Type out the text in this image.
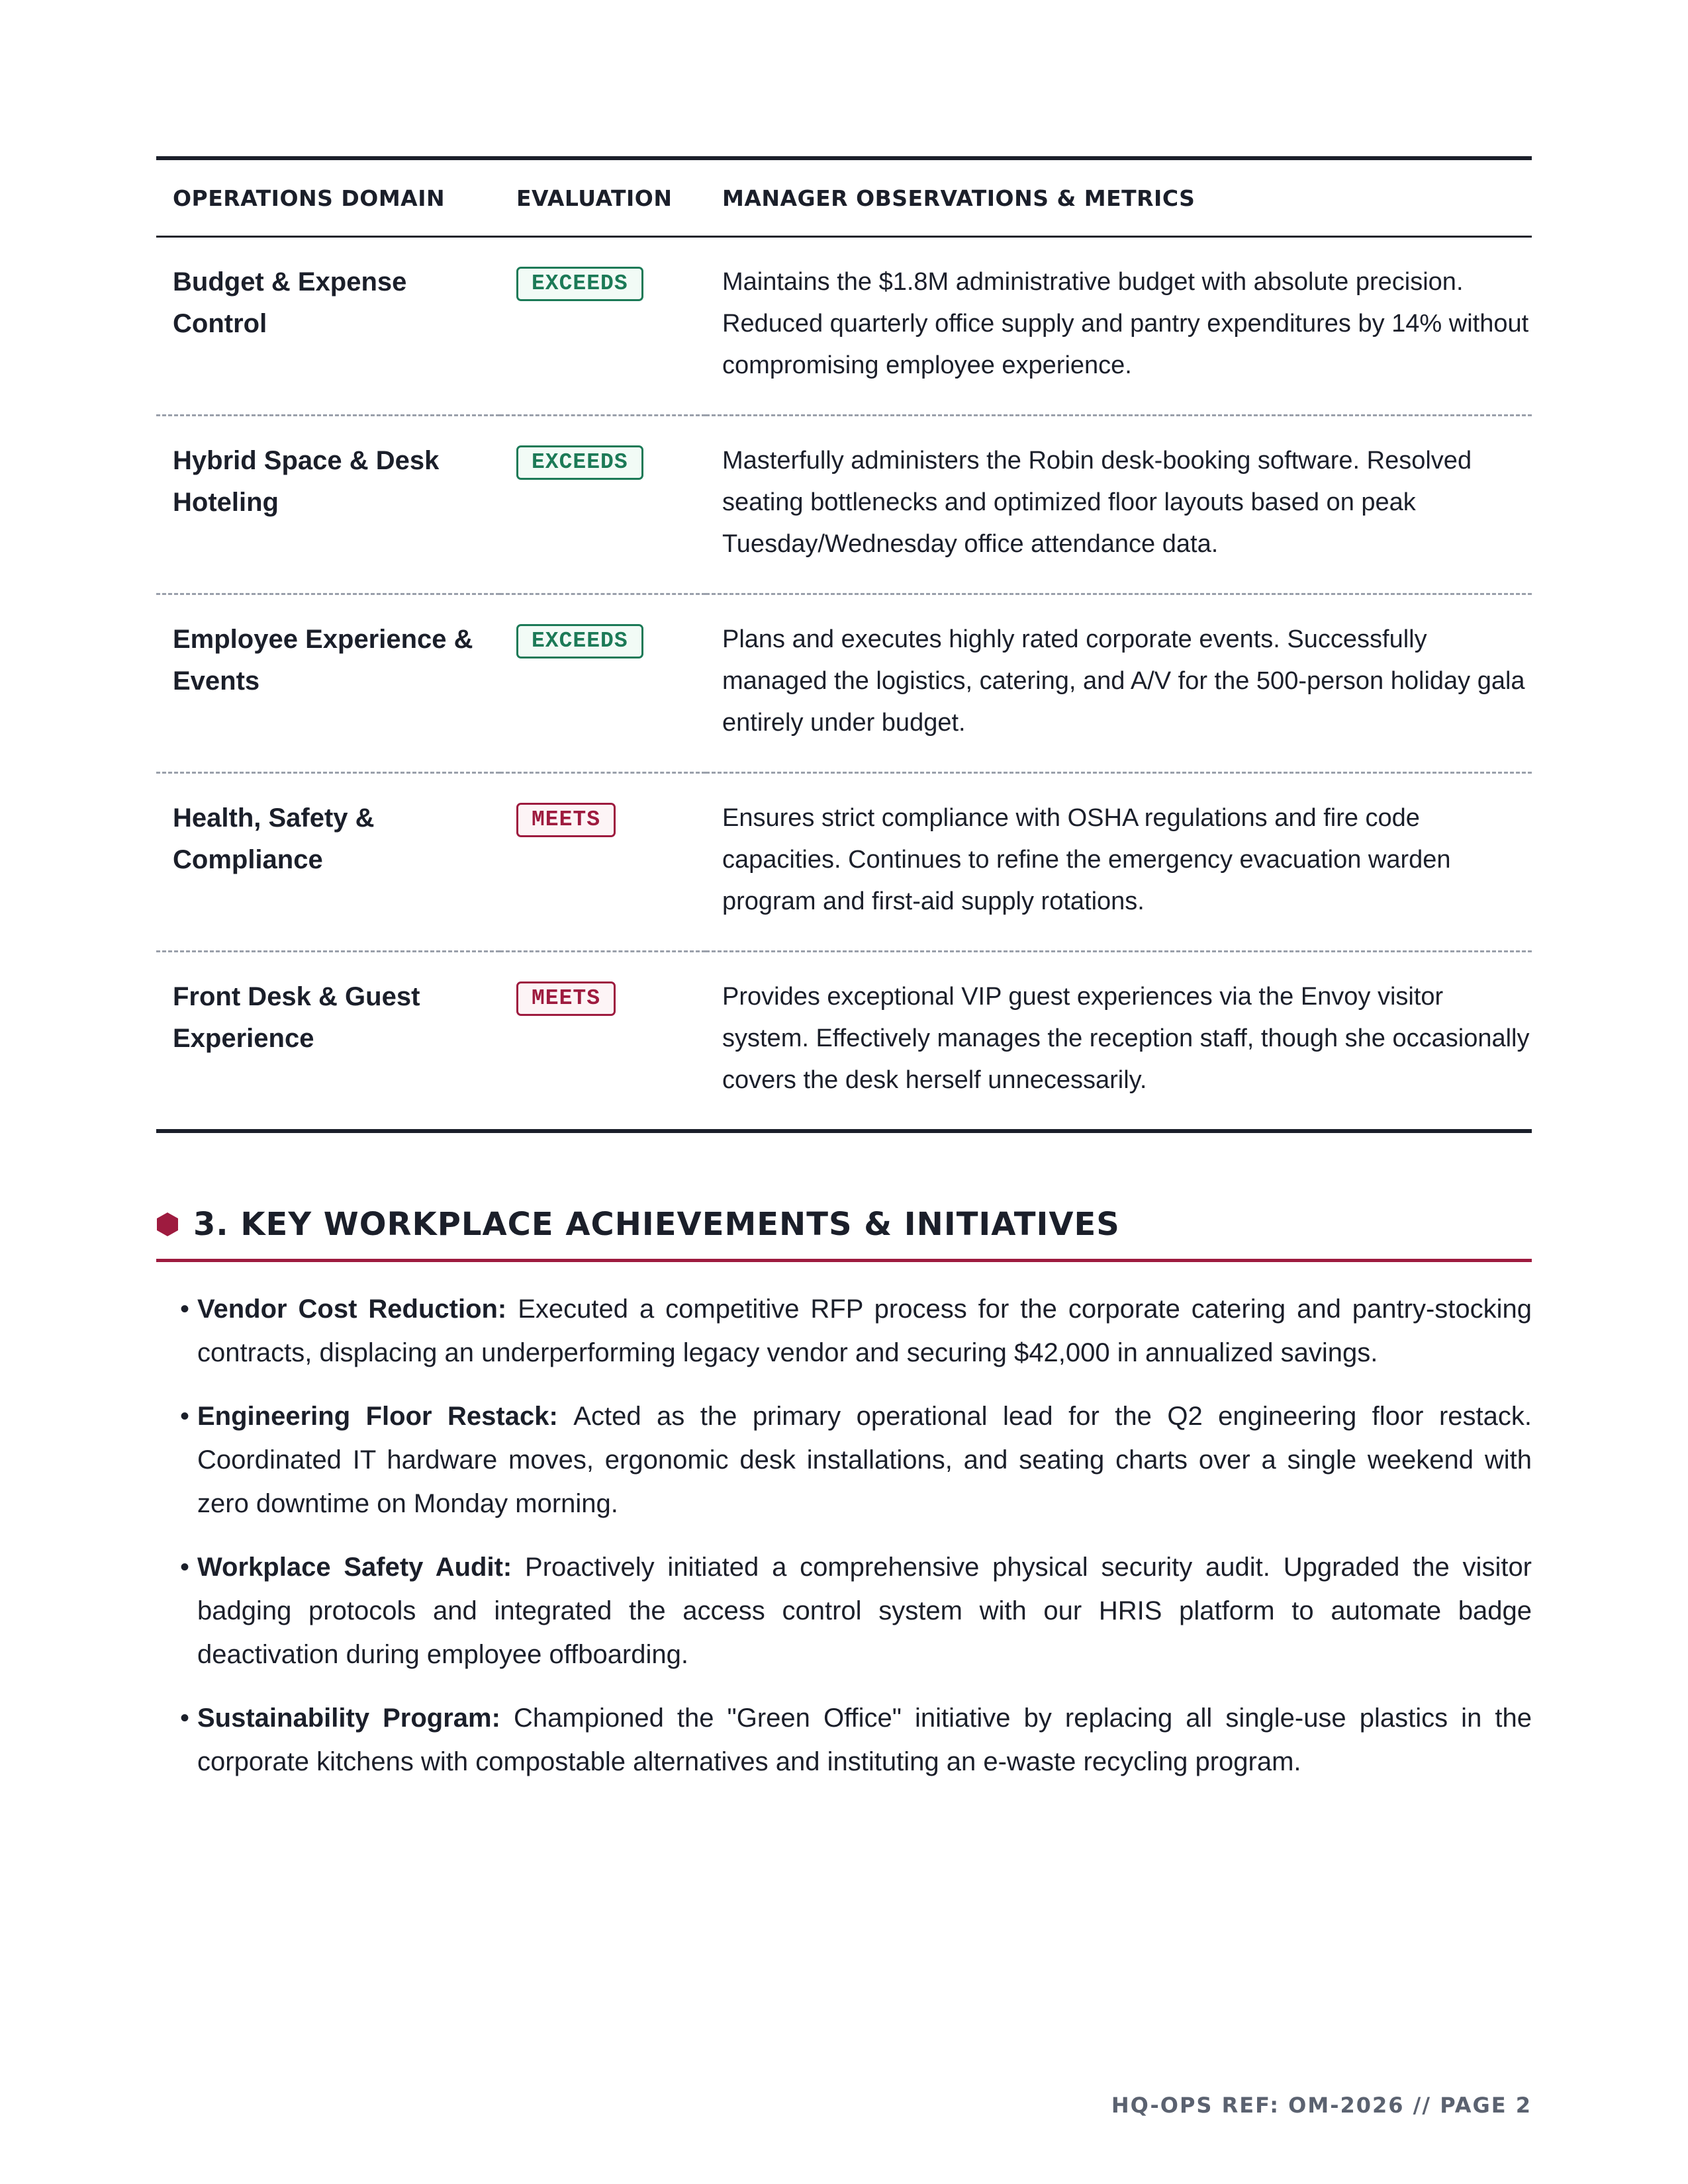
OPERATIONS DOMAIN	EVALUATION	MANAGER OBSERVATIONS & METRICS
Budget & Expense Control	EXCEEDS	Maintains the $1.8M administrative budget with absolute precision. Reduced quarterly office supply and pantry expenditures by 14% without compromising employee experience.
Hybrid Space & Desk Hoteling	EXCEEDS	Masterfully administers the Robin desk-booking software. Resolved seating bottlenecks and optimized floor layouts based on peak Tuesday/Wednesday office attendance data.
Employee Experience & Events	EXCEEDS	Plans and executes highly rated corporate events. Successfully managed the logistics, catering, and A/V for the 500-person holiday gala entirely under budget.
Health, Safety & Compliance	MEETS	Ensures strict compliance with OSHA regulations and fire code capacities. Continues to refine the emergency evacuation warden program and first-aid supply rotations.
Front Desk & Guest Experience	MEETS	Provides exceptional VIP guest experiences via the Envoy visitor system. Effectively manages the reception staff, though she occasionally covers the desk herself unnecessarily.
3. KEY WORKPLACE ACHIEVEMENTS & INITIATIVES
• Vendor Cost Reduction: Executed a competitive RFP process for the corporate catering and pantry-stocking contracts, displacing an underperforming legacy vendor and securing $42,000 in annualized savings.
• Engineering Floor Restack: Acted as the primary operational lead for the Q2 engineering floor restack. Coordinated IT hardware moves, ergonomic desk installations, and seating charts over a single weekend with zero downtime on Monday morning.
• Workplace Safety Audit: Proactively initiated a comprehensive physical security audit. Upgraded the visitor badging protocols and integrated the access control system with our HRIS platform to automate badge deactivation during employee offboarding.
• Sustainability Program: Championed the "Green Office" initiative by replacing all single-use plastics in the corporate kitchens with compostable alternatives and instituting an e-waste recycling program.
HQ-OPS REF: OM-2026 // PAGE 2
